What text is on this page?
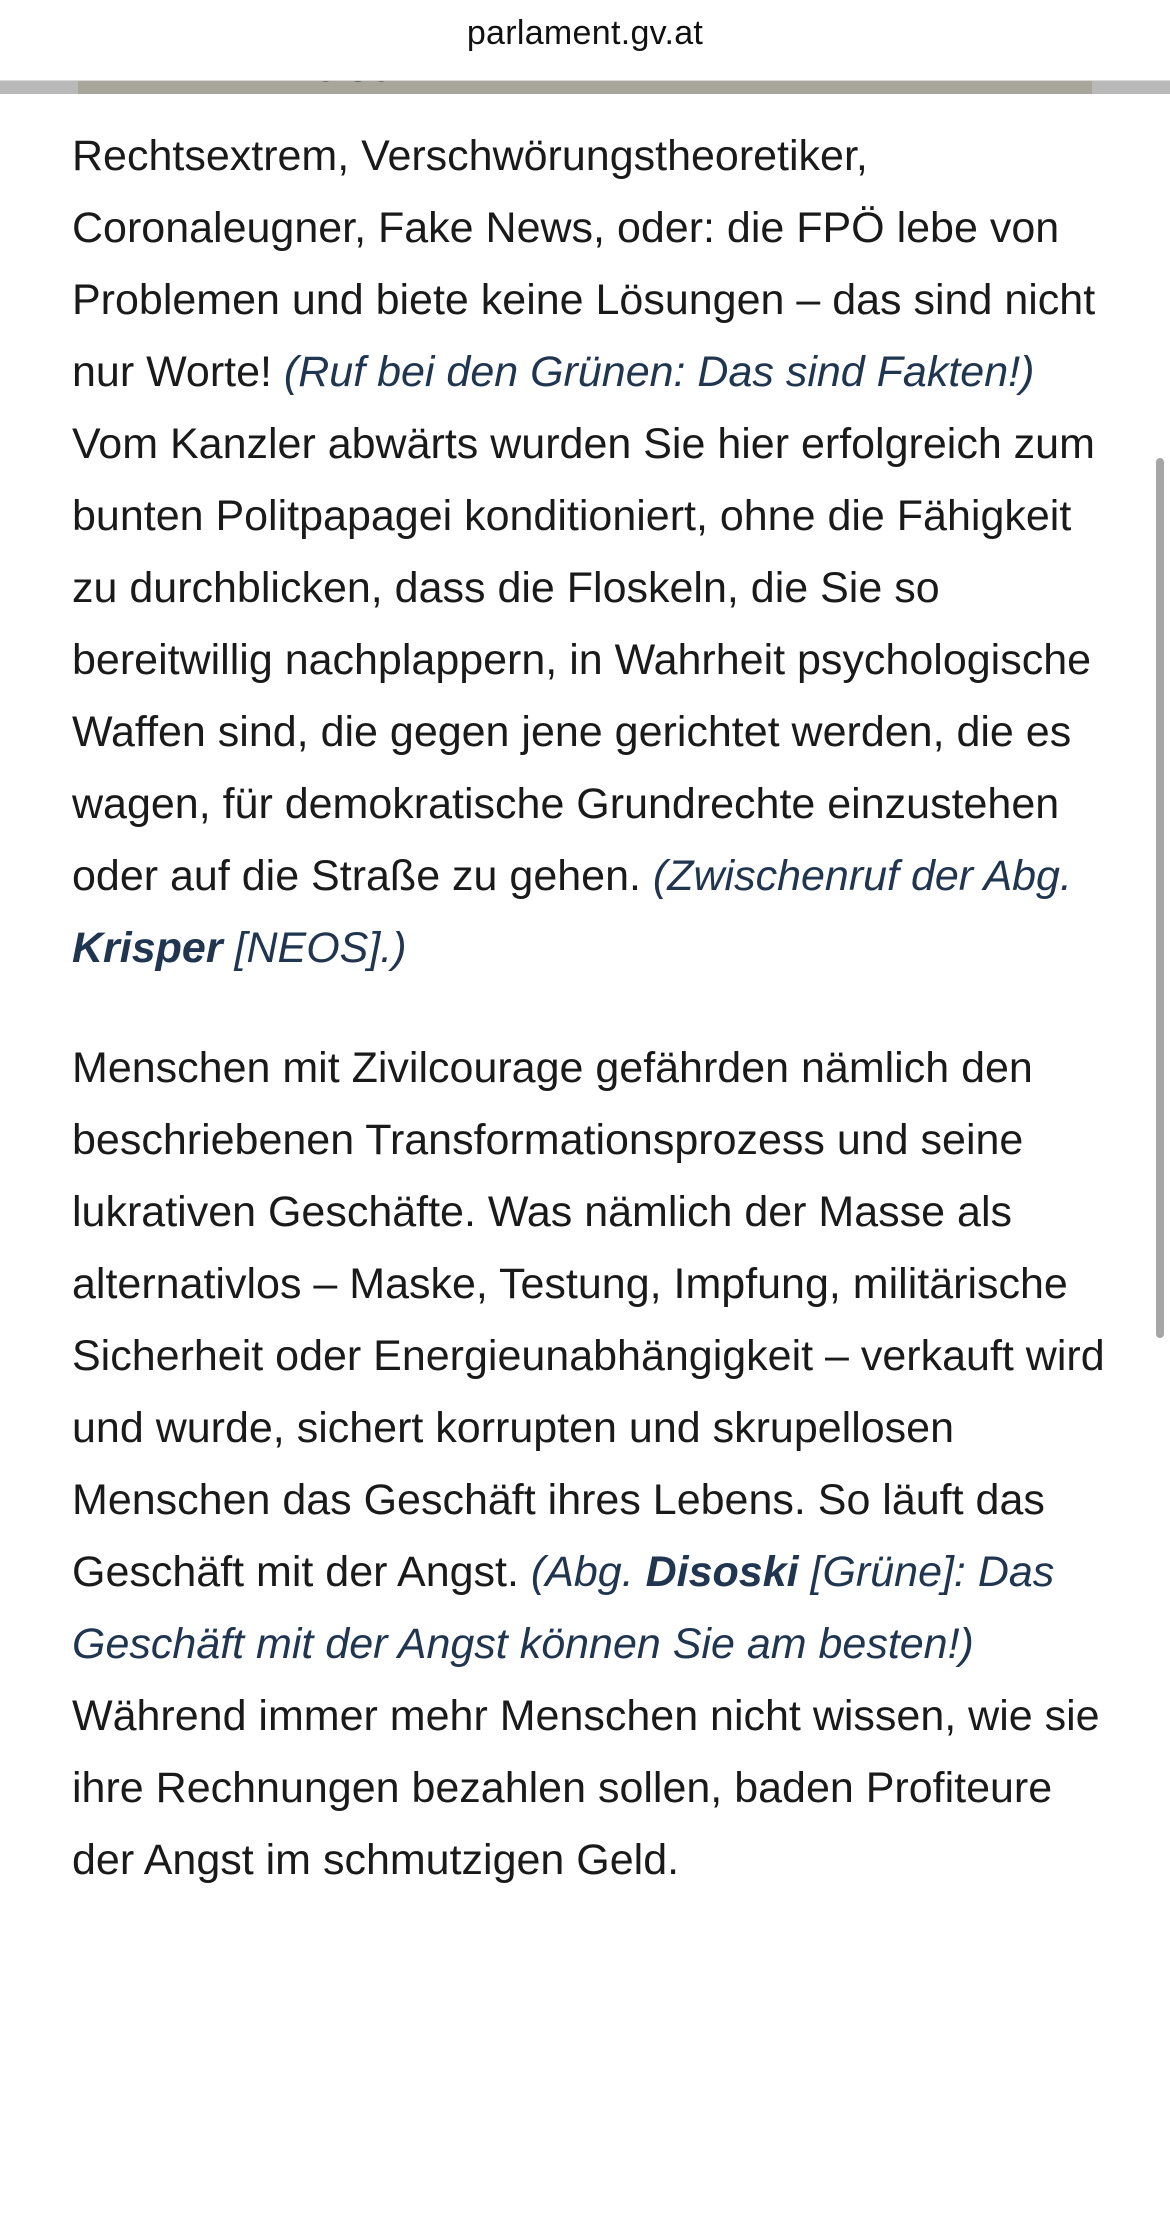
parlament.gv.at

Rechtsextrem, Verschwörungstheoretiker, Coronaleugner, Fake News, oder: die FPÖ lebe von Problemen und biete keine Lösungen – das sind nicht nur Worte! (Ruf bei den Grünen: Das sind Fakten!) Vom Kanzler abwärts wurden Sie hier erfolgreich zum bunten Politpapagei konditioniert, ohne die Fähigkeit zu durchblicken, dass die Floskeln, die Sie so bereitwillig nachplappern, in Wahrheit psychologische Waffen sind, die gegen jene gerichtet werden, die es wagen, für demokratische Grundrechte einzustehen oder auf die Straße zu gehen. (Zwischenruf der Abg. Krisper [NEOS].)

Menschen mit Zivilcourage gefährden nämlich den beschriebenen Transformationsprozess und seine lukrativen Geschäfte. Was nämlich der Masse als alternativlos – Maske, Testung, Impfung, militärische Sicherheit oder Energieunabhängigkeit – verkauft wird und wurde, sichert korrupten und skrupellosen Menschen das Geschäft ihres Lebens. So läuft das Geschäft mit der Angst. (Abg. Disoski [Grüne]: Das Geschäft mit der Angst können Sie am besten!) Während immer mehr Menschen nicht wissen, wie sie ihre Rechnungen bezahlen sollen, baden Profiteure der Angst im schmutzigen Geld.
